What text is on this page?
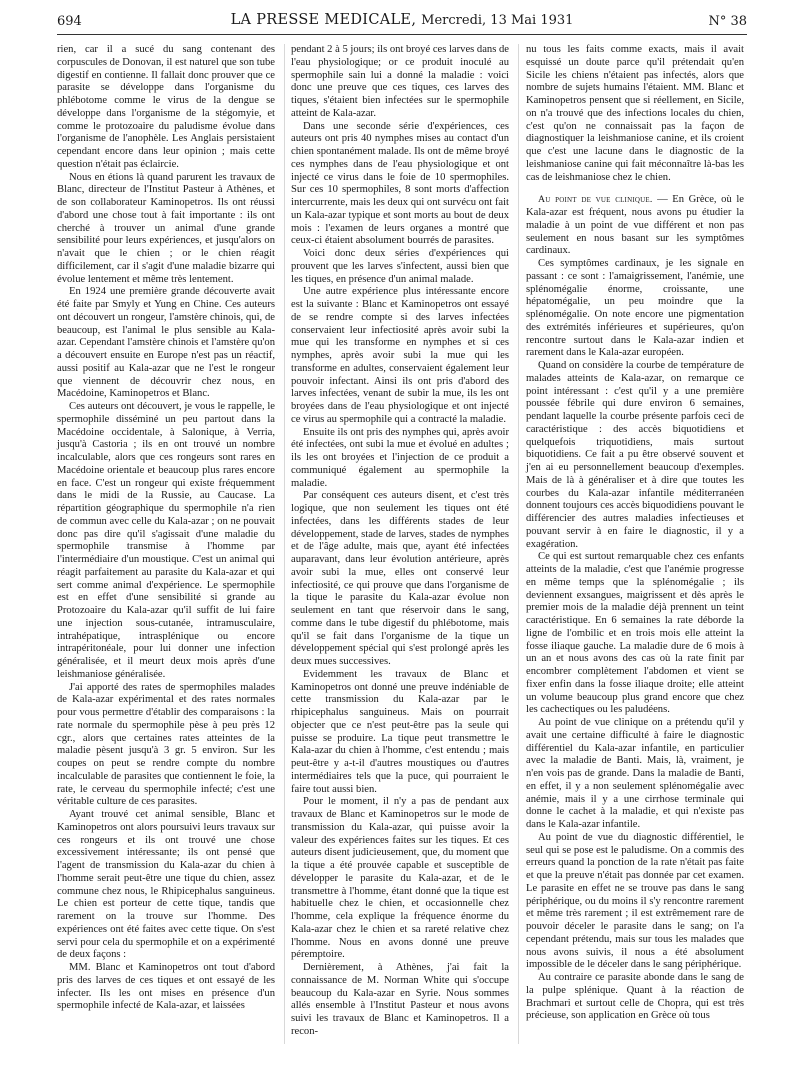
694	LA PRESSE MEDICALE, Mercredi, 13 Mai 1931	N° 38

rien, car il a sucé du sang contenant des corpuscules de Donovan, il est naturel que son tube digestif en contienne. Il fallait donc prouver que ce parasite se développe dans l'organisme du phlébotome comme le virus de la dengue se développe dans l'organisme de la stégomyie, et comme le protozoaire du paludisme évolue dans l'organisme de l'anophèle. Les Anglais persistaient cependant encore dans leur opinion ; mais cette question n'était pas éclaircie.

Nous en étions là quand parurent les travaux de Blanc, directeur de l'Institut Pasteur à Athènes, et de son collaborateur Kaminopetros. Ils ont réussi d'abord une chose tout à fait importante : ils ont cherché à trouver un animal d'une grande sensibilité pour leurs expériences, et jusqu'alors on n'avait que le chien ; or le chien réagit difficilement, car il s'agit d'une maladie bizarre qui évolue lentement et même très lentement.

En 1924 une première grande découverte avait été faite par Smyly et Yung en Chine. Ces auteurs ont découvert un rongeur, l'amstère chinois, qui, de beaucoup, est l'animal le plus sensible au Kala-azar. Cependant l'amstère chinois et l'amstère qu'on a découvert ensuite en Europe n'est pas un réactif, aussi positif au Kala-azar que ne l'est le rongeur que viennent de découvrir chez nous, en Macédoine, Kaminopetros et Blanc.

Ces auteurs ont découvert, je vous le rappelle, le spermophile disséminé un peu partout dans la Macédoine occidentale, à Salonique, à Verria, jusqu'à Castoria ; ils en ont trouvé un nombre incalculable, alors que ces rongeurs sont rares en Macédoine orientale et beaucoup plus rares encore en face. C'est un rongeur qui existe fréquemment dans le midi de la Russie, au Caucase. La répartition géographique du spermophile n'a rien de commun avec celle du Kala-azar ; on ne pouvait donc pas dire qu'il s'agissait d'une maladie du spermophile transmise à l'homme par l'intermédiaire d'un moustique. C'est un animal qui réagit parfaitement au parasite du Kala-azar et qui sert comme animal d'expérience. Le spermophile est en effet d'une sensibilité si grande au Protozoaire du Kala-azar qu'il suffit de lui faire une injection sous-cutanée, intramusculaire, intrahépatique, intrasplénique ou encore intrapéritonéale, pour lui donner une infection généralisée, et il meurt deux mois après d'une leishmaniose généralisée.

J'ai apporté des rates de spermophiles malades de Kala-azar expérimental et des rates normales pour vous permettre d'établir des comparaisons : la rate normale du spermophile pèse à peu près 12 cgr., alors que certaines rates atteintes de la maladie pèsent jusqu'à 3 gr. 5 environ. Sur les coupes on peut se rendre compte du nombre incalculable de parasites que contiennent le foie, la rate, le cerveau du spermophile infecté; c'est une véritable culture de ces parasites.

Ayant trouvé cet animal sensible, Blanc et Kaminopetros ont alors poursuivi leurs travaux sur ces rongeurs et ils ont trouvé une chose excessivement intéressante; ils ont pensé que l'agent de transmission du Kala-azar du chien à l'homme serait peut-être une tique du chien, assez commune chez nous, le Rhipicephalus sanguineus. Le chien est porteur de cette tique, tandis que rarement on la trouve sur l'homme. Des expériences ont été faites avec cette tique. On s'est servi pour cela du spermophile et on a expérimenté de deux façons :

MM. Blanc et Kaminopetros ont tout d'abord pris des larves de ces tiques et ont essayé de les infecter. Ils les ont mises en présence d'un spermophile infecté de Kala-azar, et laissées

pendant 2 à 5 jours; ils ont broyé ces larves dans de l'eau physiologique; or ce produit inoculé au spermophile sain lui a donné la maladie : voici donc une preuve que ces tiques, ces larves des tiques, s'étaient bien infectées sur le spermophile atteint de Kala-azar.

Dans une seconde série d'expériences, ces auteurs ont pris 40 nymphes mises au contact d'un chien spontanément malade. Ils ont de même broyé ces nymphes dans de l'eau physiologique et ont injecté ce virus dans le foie de 10 spermophiles. Sur ces 10 spermophiles, 8 sont morts d'affection intercurrente, mais les deux qui ont survécu ont fait un Kala-azar typique et sont morts au bout de deux mois : l'examen de leurs organes a montré que ceux-ci étaient absolument bourrés de parasites.

Voici donc deux séries d'expériences qui prouvent que les larves s'infectent, aussi bien que les tiques, en présence d'un animal malade.

Une autre expérience plus intéressante encore est la suivante : Blanc et Kaminopetros ont essayé de se rendre compte si des larves infectées conservaient leur infectiosité après avoir subi la mue qui les transforme en nymphes et si ces nymphes, après avoir subi la mue qui les transforme en adultes, conservaient également leur pouvoir infectant. Ainsi ils ont pris d'abord des larves infectées, venant de subir la mue, ils les ont broyées dans de l'eau physiologique et ont injecté ce virus au spermophile qui a contracté la maladie.

Ensuite ils ont pris des nymphes qui, après avoir été infectées, ont subi la mue et évolué en adultes ; ils les ont broyées et l'injection de ce produit a communiqué également au spermophile la maladie.

Par conséquent ces auteurs disent, et c'est très logique, que non seulement les tiques ont été infectées, dans les différents stades de leur développement, stade de larves, stades de nymphes et de l'âge adulte, mais que, ayant été infectées auparavant, dans leur évolution antérieure, après avoir subi la mue, elles ont conservé leur infectiosité, ce qui prouve que dans l'organisme de la tique le parasite du Kala-azar évolue non seulement en tant que réservoir dans le sang, comme dans le tube digestif du phlébotome, mais qu'il se fait dans l'organisme de la tique un développement spécial qui s'est prolongé après les deux mues successives.

Evidemment les travaux de Blanc et Kaminopetros ont donné une preuve indéniable de cette transmission du Kala-azar par le rhipicephalus sanguineus. Mais on pourrait objecter que ce n'est peut-être pas la seule qui puisse se produire. La tique peut transmettre le Kala-azar du chien à l'homme, c'est entendu ; mais peut-être y a-t-il d'autres moustiques ou d'autres intermédiaires tels que la puce, qui pourraient le faire tout aussi bien.

Pour le moment, il n'y a pas de pendant aux travaux de Blanc et Kaminopetros sur le mode de transmission du Kala-azar, qui puisse avoir la valeur des expériences faites sur les tiques. Et ces auteurs disent judicieusement, que, du moment que la tique a été prouvée capable et susceptible de développer le parasite du Kala-azar, et de le transmettre à l'homme, étant donné que la tique est habituelle chez le chien, et occasionnelle chez l'homme, cela explique la fréquence énorme du Kala-azar chez le chien et sa rareté relative chez l'homme. Nous en avons donné une preuve péremptoire.

Dernièrement, à Athènes, j'ai fait la connaissance de M. Norman White qui s'occupe beaucoup du Kala-azar en Syrie. Nous sommes allés ensemble à l'Institut Pasteur et nous avons suivi les travaux de Blanc et Kaminopetros. Il a recon-

nu tous les faits comme exacts, mais il avait esquissé un doute parce qu'il prétendait qu'en Sicile les chiens n'étaient pas infectés, alors que nombre de sujets humains l'étaient. MM. Blanc et Kaminopetros pensent que si réellement, en Sicile, on n'a trouvé que des infections locales du chien, c'est qu'on ne connaissait pas la façon de diagnostiquer la leishmaniose canine, et ils croient que c'est une lacune dans le diagnostic de la leishmaniose canine qui fait méconnaître là-bas les cas de leishmaniose chez le chien.

Au point de vue clinique. — En Grèce, où le Kala-azar est fréquent, nous avons pu étudier la maladie à un point de vue différent et non pas seulement en nous basant sur les symptômes cardinaux.

Ces symptômes cardinaux, je les signale en passant : ce sont : l'amaigrissement, l'anémie, une splénomégalie énorme, croissante, une hépatomégalie, un peu moindre que la splénomégalie. On note encore une pigmentation des extrémités inférieures et supérieures, qu'on rencontre surtout dans le Kala-azar indien et rarement dans le Kala-azar européen.

Quand on considère la courbe de température de malades atteints de Kala-azar, on remarque ce point intéressant : c'est qu'il y a une première poussée fébrile qui dure environ 6 semaines, pendant laquelle la courbe présente parfois ceci de caractéristique : des accès biquotidiens et quelquefois triquotidiens, mais surtout biquotidiens. Ce fait a pu être observé souvent et j'en ai eu personnellement beaucoup d'exemples. Mais de là à généraliser et à dire que toutes les courbes du Kala-azar infantile méditerranéen donnent toujours ces accès biquodidiens pouvant le différencier des autres maladies infectieuses et pouvant servir à en faire le diagnostic, il y a exagération.

Ce qui est surtout remarquable chez ces enfants atteints de la maladie, c'est que l'anémie progresse en même temps que la splénomégalie ; ils deviennent exsangues, maigrissent et dès après le premier mois de la maladie déjà prennent un teint caractéristique. En 6 semaines la rate déborde la ligne de l'ombilic et en trois mois elle atteint la fosse iliaque gauche. La maladie dure de 6 mois à un an et nous avons des cas où la rate finit par encombrer complètement l'abdomen et vient se fixer enfin dans la fosse iliaque droite; elle atteint un volume beaucoup plus grand encore que chez les cachectiques ou les paludéens.

Au point de vue clinique on a prétendu qu'il y avait une certaine difficulté à faire le diagnostic différentiel du Kala-azar infantile, en particulier avec la maladie de Banti. Mais, là, vraiment, je n'en vois pas de grande. Dans la maladie de Banti, en effet, il y a non seulement splénomégalie avec anémie, mais il y a une cirrhose terminale qui donne le cachet à la maladie, et qui n'existe pas dans le Kala-azar infantile.

Au point de vue du diagnostic différentiel, le seul qui se pose est le paludisme. On a commis des erreurs quand la ponction de la rate n'était pas faite et que la preuve n'était pas donnée par cet examen. Le parasite en effet ne se trouve pas dans le sang périphérique, ou du moins il s'y rencontre rarement et même très rarement ; il est extrêmement rare de pouvoir déceler le parasite dans le sang; on l'a cependant prétendu, mais sur tous les malades que nous avons suivis, il nous a été absolument impossible de le déceler dans le sang périphérique.

Au contraire ce parasite abonde dans le sang de la pulpe splénique. Quant à la réaction de Brachmari et surtout celle de Chopra, qui est très précieuse, son application en Grèce où tous
